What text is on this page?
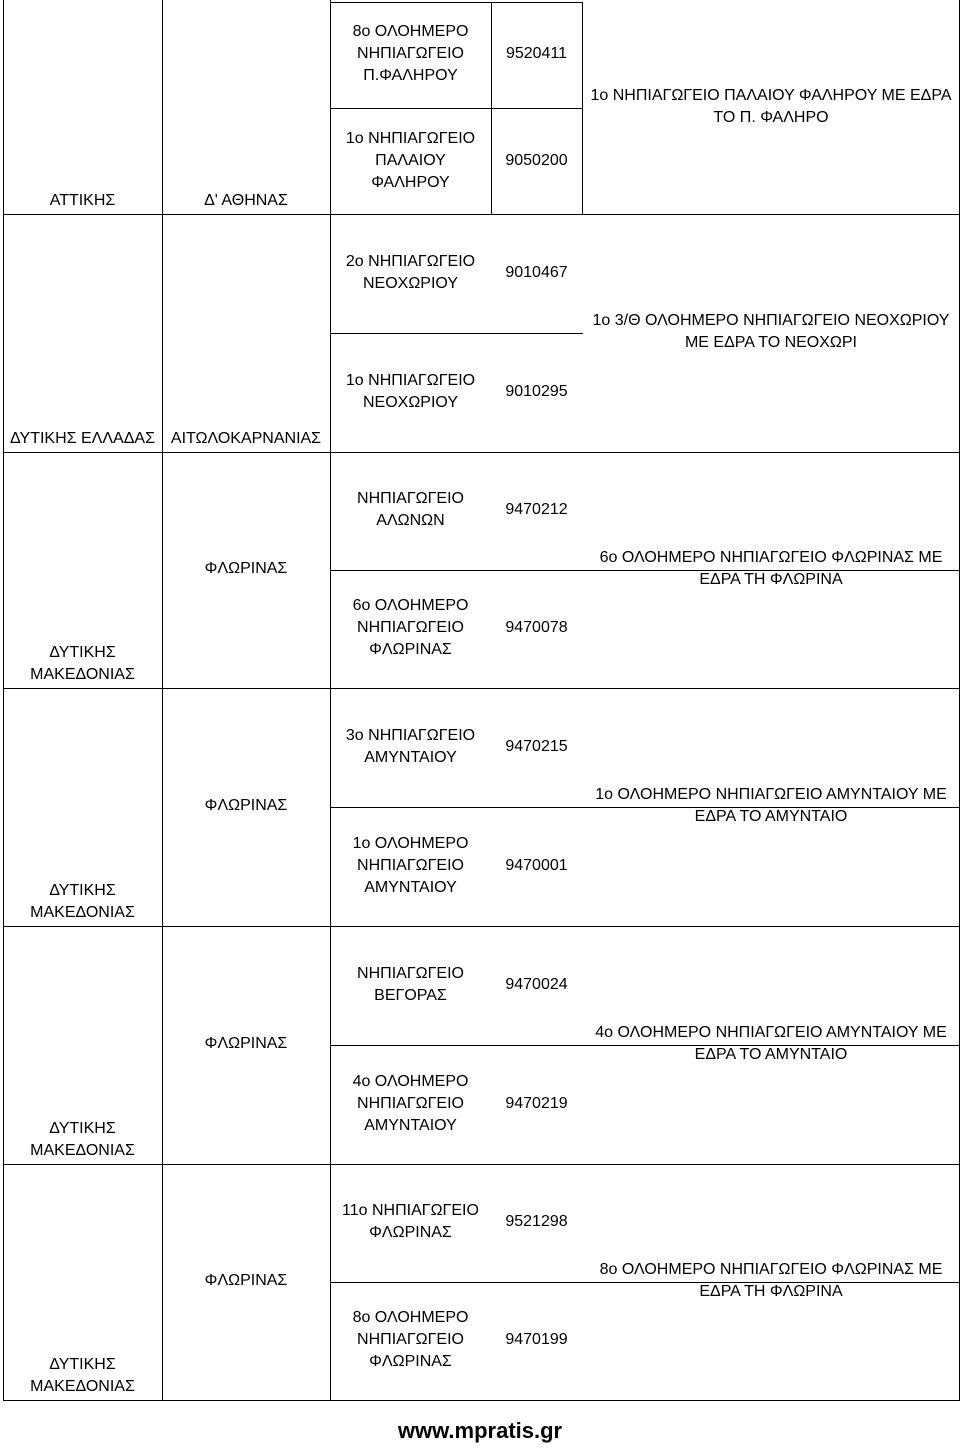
ΑΤΤΙΚΗΣ	Δ' ΑΘΗΝΑΣ
8ο ΟΛΟΗΜΕΡΟ
ΝΗΠΙΑΓΩΓΕΙΟ
Π.ΦΑΛΗΡΟΥ
9520411
1ο ΝΗΠΙΑΓΩΓΕΙΟ
ΠΑΛΑΙΟΥ
ΦΑΛΗΡΟΥ
9050200
1ο ΝΗΠΙΑΓΩΓΕΙΟ ΠΑΛΑΙΟΥ ΦΑΛΗΡΟΥ ΜΕ ΕΔΡΑ
ΤΟ Π. ΦΑΛΗΡΟ
ΔΥΤΙΚΗΣ ΕΛΛΑΔΑΣ ΑΙΤΩΛΟΚΑΡΝΑΝΙΑΣ
2ο ΝΗΠΙΑΓΩΓΕΙΟ
ΝΕΟΧΩΡΙΟΥ
9010467
1ο ΝΗΠΙΑΓΩΓΕΙΟ
ΝΕΟΧΩΡΙΟΥ
9010295
1ο 3/Θ ΟΛΟΗΜΕΡΟ ΝΗΠΙΑΓΩΓΕΙΟ ΝΕΟΧΩΡΙΟΥ
ΜΕ ΕΔΡΑ ΤΟ ΝΕΟΧΩΡΙ
ΔΥΤΙΚΗΣ
ΜΑΚΕΔΟΝΙΑΣ
ΦΛΩΡΙΝΑΣ
ΝΗΠΙΑΓΩΓΕΙΟ
ΑΛΩΝΩΝ
9470212
6ο ΟΛΟΗΜΕΡΟ
ΝΗΠΙΑΓΩΓΕΙΟ
ΦΛΩΡΙΝΑΣ
9470078
6ο ΟΛΟΗΜΕΡΟ ΝΗΠΙΑΓΩΓΕΙΟ ΦΛΩΡΙΝΑΣ ΜΕ
ΕΔΡΑ ΤΗ ΦΛΩΡΙΝΑ
ΔΥΤΙΚΗΣ
ΜΑΚΕΔΟΝΙΑΣ
ΦΛΩΡΙΝΑΣ
3ο ΝΗΠΙΑΓΩΓΕΙΟ
ΑΜΥΝΤΑΙΟΥ
9470215
1ο ΟΛΟΗΜΕΡΟ
ΝΗΠΙΑΓΩΓΕΙΟ
ΑΜΥΝΤΑΙΟΥ
9470001
1ο ΟΛΟΗΜΕΡΟ ΝΗΠΙΑΓΩΓΕΙΟ ΑΜΥΝΤΑΙΟΥ ΜΕ
ΕΔΡΑ ΤΟ ΑΜΥΝΤΑΙΟ
ΔΥΤΙΚΗΣ
ΜΑΚΕΔΟΝΙΑΣ
ΦΛΩΡΙΝΑΣ
ΝΗΠΙΑΓΩΓΕΙΟ
ΒΕΓΟΡΑΣ
9470024
4ο ΟΛΟΗΜΕΡΟ
ΝΗΠΙΑΓΩΓΕΙΟ
ΑΜΥΝΤΑΙΟΥ
9470219
4ο ΟΛΟΗΜΕΡΟ ΝΗΠΙΑΓΩΓΕΙΟ ΑΜΥΝΤΑΙΟΥ ΜΕ
ΕΔΡΑ ΤΟ ΑΜΥΝΤΑΙΟ
ΔΥΤΙΚΗΣ
ΜΑΚΕΔΟΝΙΑΣ
ΦΛΩΡΙΝΑΣ
11ο ΝΗΠΙΑΓΩΓΕΙΟ
ΦΛΩΡΙΝΑΣ
9521298
8ο ΟΛΟΗΜΕΡΟ
ΝΗΠΙΑΓΩΓΕΙΟ
ΦΛΩΡΙΝΑΣ
9470199
8ο ΟΛΟΗΜΕΡΟ ΝΗΠΙΑΓΩΓΕΙΟ ΦΛΩΡΙΝΑΣ ΜΕ
ΕΔΡΑ ΤΗ ΦΛΩΡΙΝΑ
www.mpratis.gr
